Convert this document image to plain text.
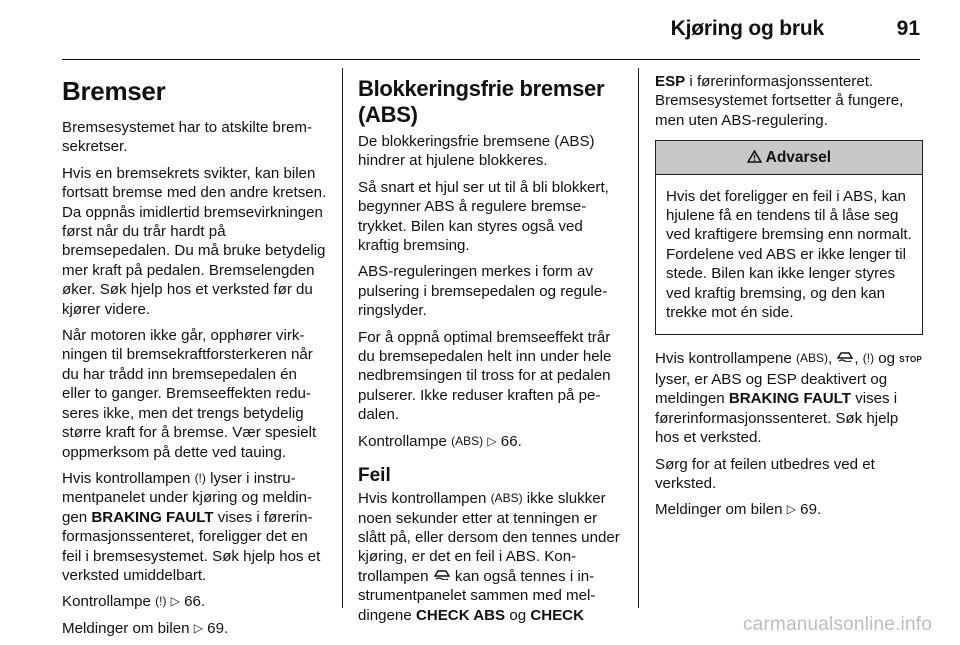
Kjøring og bruk	91
Bremser

Bremsesystemet har to atskilte bremsekretser.

Hvis en bremsekrets svikter, kan bilen fortsatt bremse med den andre kretsen. Da oppnås imidlertid bremsevirkningen først når du trår hardt på bremsepedalen. Du må bruke betydelig mer kraft på pedalen. Bremselengden øker. Søk hjelp hos et verksted før du kjører videre.

Når motoren ikke går, opphører virkningen til bremsekraftforsterkeren når du har trådd inn bremsepedalen én eller to ganger. Bremseeffekten reduseres ikke, men det trengs betydelig større kraft for å bremse. Vær spesielt oppmerksom på dette ved tauing.

Hvis kontrollampen (!) lyser i instrumentpanelet under kjøring og meldingen BRAKING FAULT vises i førerinformasjonssenteret, foreligger det en feil i bremsesystemet. Søk hjelp hos et verksted umiddelbart.

Kontrollampe (!) ▷ 66.

Meldinger om bilen ▷ 69.

Blokkeringsfrie bremser (ABS)

De blokkeringsfrie bremsene (ABS) hindrer at hjulene blokkeres.

Så snart et hjul ser ut til å bli blokkert, begynner ABS å regulere bremsetrykket. Bilen kan styres også ved kraftig bremsing.

ABS-reguleringen merkes i form av pulsering i bremsepedalen og reguleringslyder.

For å oppnå optimal bremseeffekt trår du bremsepedalen helt inn under hele nedbremsingen til tross for at pedalen pulserer. Ikke reduser kraften på pedalen.

Kontrollampe (ABS) ▷ 66.

Feil

Hvis kontrollampen (ABS) ikke slukker noen sekunder etter at tenningen er slått på, eller dersom den tennes under kjøring, er det en feil i ABS. Kontrollampen kan også tennes i instrumentpanelet sammen med meldingene CHECK ABS og CHECK

ESP i førerinformasjonssenteret. Bremsesystemet fortsetter å fungere, men uten ABS-regulering.

Advarsel
Hvis det foreligger en feil i ABS, kan hjulene få en tendens til å låse seg ved kraftigere bremsing enn normalt. Fordelene ved ABS er ikke lenger til stede. Bilen kan ikke lenger styres ved kraftig bremsing, og den kan trekke mot én side.

Hvis kontrollampene (ABS), , (!) og STOP lyser, er ABS og ESP deaktivert og meldingen BRAKING FAULT vises i førerinformasjonssenteret. Søk hjelp hos et verksted.

Sørg for at feilen utbedres ved et verksted.

Meldinger om bilen ▷ 69.

carmanualsonline.info
